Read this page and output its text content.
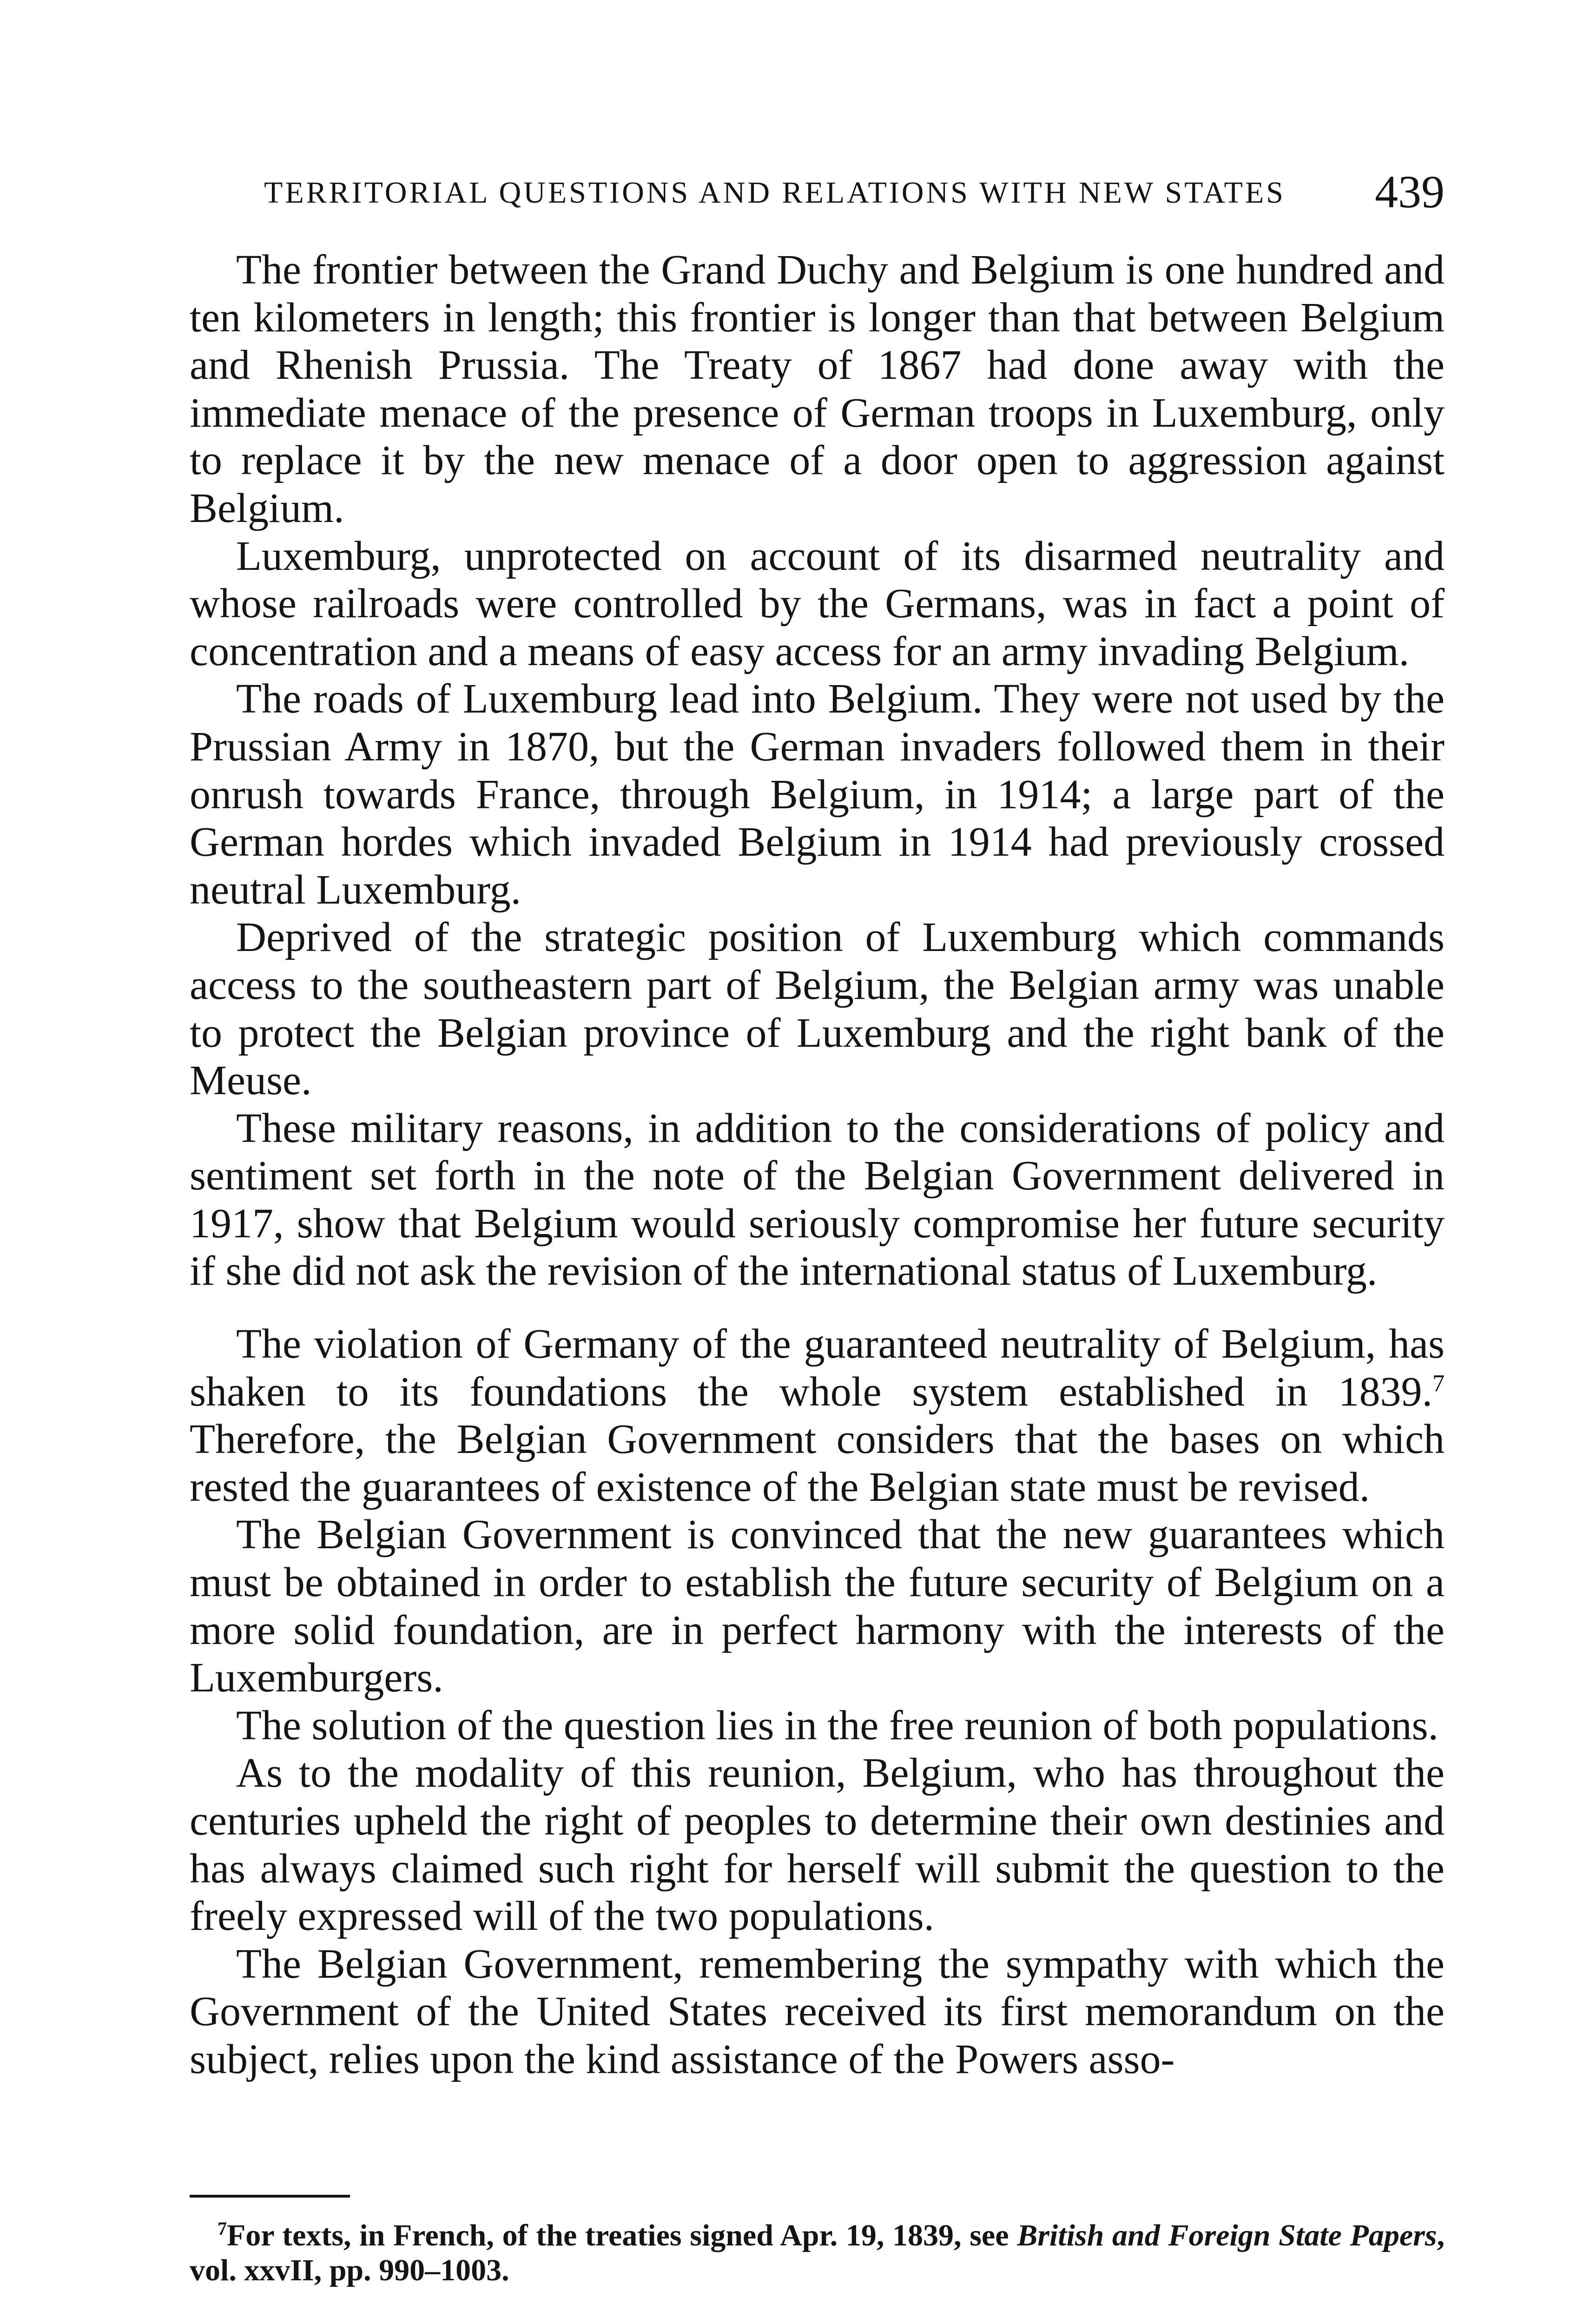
TERRITORIAL QUESTIONS AND RELATIONS WITH NEW STATES 439

The frontier between the Grand Duchy and Belgium is one hundred and ten kilometers in length; this frontier is longer than that between Belgium and Rhenish Prussia. The Treaty of 1867 had done away with the immediate menace of the presence of German troops in Luxemburg, only to replace it by the new menace of a door open to aggression against Belgium.

Luxemburg, unprotected on account of its disarmed neutrality and whose railroads were controlled by the Germans, was in fact a point of concentration and a means of easy access for an army invading Belgium.

The roads of Luxemburg lead into Belgium. They were not used by the Prussian Army in 1870, but the German invaders followed them in their onrush towards France, through Belgium, in 1914; a large part of the German hordes which invaded Belgium in 1914 had previously crossed neutral Luxemburg.

Deprived of the strategic position of Luxemburg which commands access to the southeastern part of Belgium, the Belgian army was unable to protect the Belgian province of Luxemburg and the right bank of the Meuse.

These military reasons, in addition to the considerations of policy and sentiment set forth in the note of the Belgian Government delivered in 1917, show that Belgium would seriously compromise her future security if she did not ask the revision of the international status of Luxemburg.

The violation of Germany of the guaranteed neutrality of Belgium, has shaken to its foundations the whole system established in 1839.$^7$ Therefore, the Belgian Government considers that the bases on which rested the guarantees of existence of the Belgian state must be revised.

The Belgian Government is convinced that the new guarantees which must be obtained in order to establish the future security of Belgium on a more solid foundation, are in perfect harmony with the interests of the Luxemburgers.

The solution of the question lies in the free reunion of both populations.

As to the modality of this reunion, Belgium, who has throughout the centuries upheld the right of peoples to determine their own destinies and has always claimed such right for herself will submit the question to the freely expressed will of the two populations.

The Belgian Government, remembering the sympathy with which the Government of the United States received its first memorandum on the subject, relies upon the kind assistance of the Powers asso-

$^7$For texts, in French, of the treaties signed Apr. 19, 1839, see British and Foreign State Papers, vol. xxvII, pp. 990–1003.
